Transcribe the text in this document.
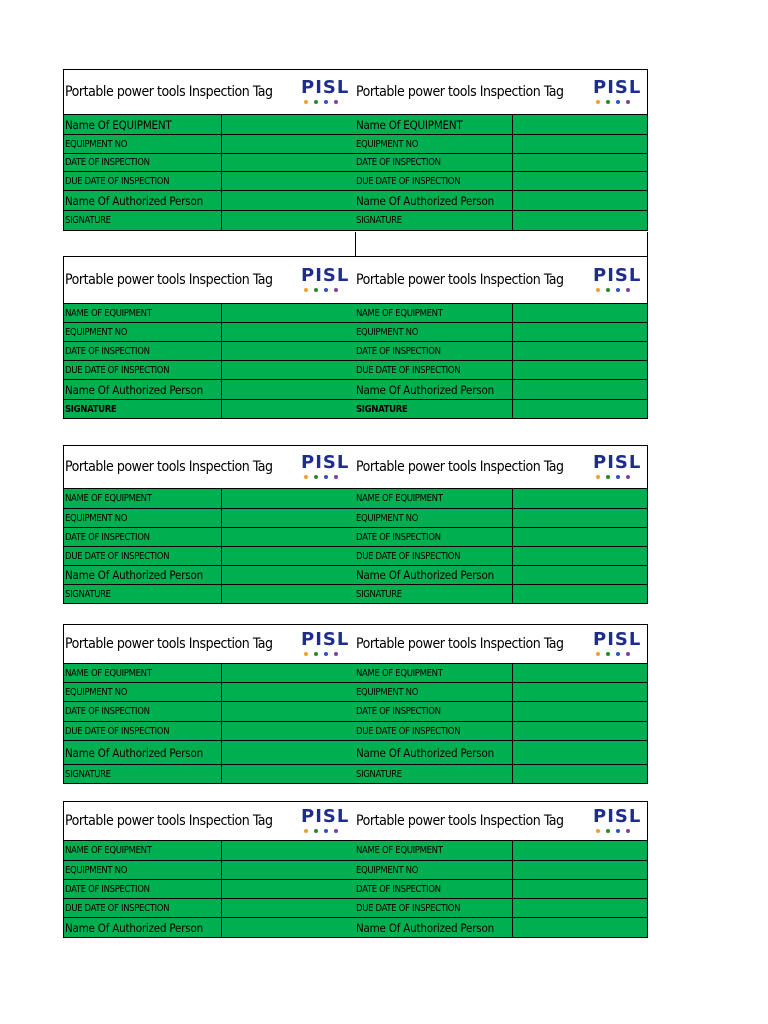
Portable power tools Inspection Tag PISL
Name Of EQUIPMENT
EQUIPMENT NO
DATE OF INSPECTION
DUE DATE OF INSPECTION
Name Of Authorized Person
SIGNATURE
Portable power tools Inspection Tag PISL
Name Of EQUIPMENT
EQUIPMENT NO
DATE OF INSPECTION
DUE DATE OF INSPECTION
Name Of Authorized Person
SIGNATURE
Portable power tools Inspection Tag PISL
NAME OF EQUIPMENT
EQUIPMENT NO
DATE OF INSPECTION
DUE DATE OF INSPECTION
Name Of Authorized Person
SIGNATURE
Portable power tools Inspection Tag PISL
NAME OF EQUIPMENT
EQUIPMENT NO
DATE OF INSPECTION
DUE DATE OF INSPECTION
Name Of Authorized Person
SIGNATURE
Portable power tools Inspection Tag PISL
NAME OF EQUIPMENT
EQUIPMENT NO
DATE OF INSPECTION
DUE DATE OF INSPECTION
Name Of Authorized Person
SIGNATURE
Portable power tools Inspection Tag PISL
NAME OF EQUIPMENT
EQUIPMENT NO
DATE OF INSPECTION
DUE DATE OF INSPECTION
Name Of Authorized Person
SIGNATURE
Portable power tools Inspection Tag PISL
NAME OF EQUIPMENT
EQUIPMENT NO
DATE OF INSPECTION
DUE DATE OF INSPECTION
Name Of Authorized Person
SIGNATURE
Portable power tools Inspection Tag PISL
NAME OF EQUIPMENT
EQUIPMENT NO
DATE OF INSPECTION
DUE DATE OF INSPECTION
Name Of Authorized Person
SIGNATURE
Portable power tools Inspection Tag PISL
NAME OF EQUIPMENT
EQUIPMENT NO
DATE OF INSPECTION
DUE DATE OF INSPECTION
Name Of Authorized Person
Portable power tools Inspection Tag PISL
NAME OF EQUIPMENT
EQUIPMENT NO
DATE OF INSPECTION
DUE DATE OF INSPECTION
Name Of Authorized Person
